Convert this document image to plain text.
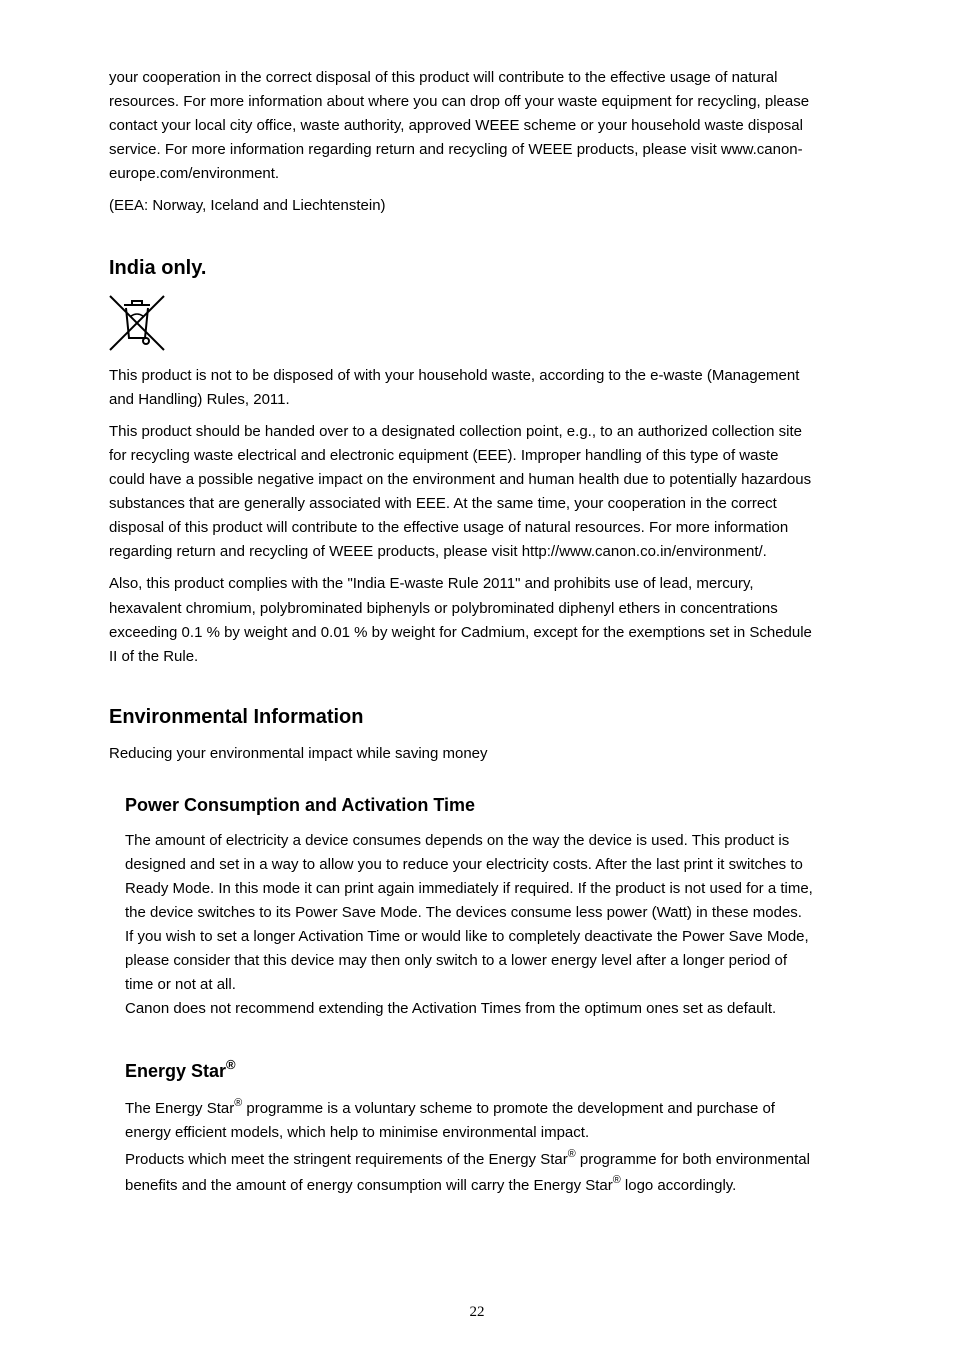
your cooperation in the correct disposal of this product will contribute to the effective usage of natural

resources. For more information about where you can drop off your waste equipment for recycling, please

contact your local city office, waste authority, approved WEEE scheme or your household waste disposal

service. For more information regarding return and recycling of WEEE products, please visit www.canon-

europe.com/environment.

(EEA: Norway, Iceland and Liechtenstein)

India only.

This product is not to be disposed of with your household waste, according to the e-waste (Management

and Handling) Rules, 2011.

This product should be handed over to a designated collection point, e.g., to an authorized collection site

for recycling waste electrical and electronic equipment (EEE). Improper handling of this type of waste

could have a possible negative impact on the environment and human health due to potentially hazardous

substances that are generally associated with EEE. At the same time, your cooperation in the correct

disposal of this product will contribute to the effective usage of natural resources. For more information

regarding return and recycling of WEEE products, please visit http://www.canon.co.in/environment/.

Also, this product complies with the "India E-waste Rule 2011" and prohibits use of lead, mercury,

hexavalent chromium, polybrominated biphenyls or polybrominated diphenyl ethers in concentrations

exceeding 0.1 % by weight and 0.01 % by weight for Cadmium, except for the exemptions set in Schedule

II of the Rule.

Environmental Information

Reducing your environmental impact while saving money

Power Consumption and Activation Time

The amount of electricity a device consumes depends on the way the device is used. This product is

designed and set in a way to allow you to reduce your electricity costs. After the last print it switches to

Ready Mode. In this mode it can print again immediately if required. If the product is not used for a time,

the device switches to its Power Save Mode. The devices consume less power (Watt) in these modes.

If you wish to set a longer Activation Time or would like to completely deactivate the Power Save Mode,

please consider that this device may then only switch to a lower energy level after a longer period of

time or not at all.

Canon does not recommend extending the Activation Times from the optimum ones set as default.

Energy Star®

The Energy Star® programme is a voluntary scheme to promote the development and purchase of

energy efficient models, which help to minimise environmental impact.

Products which meet the stringent requirements of the Energy Star® programme for both environmental

benefits and the amount of energy consumption will carry the Energy Star® logo accordingly.

22
